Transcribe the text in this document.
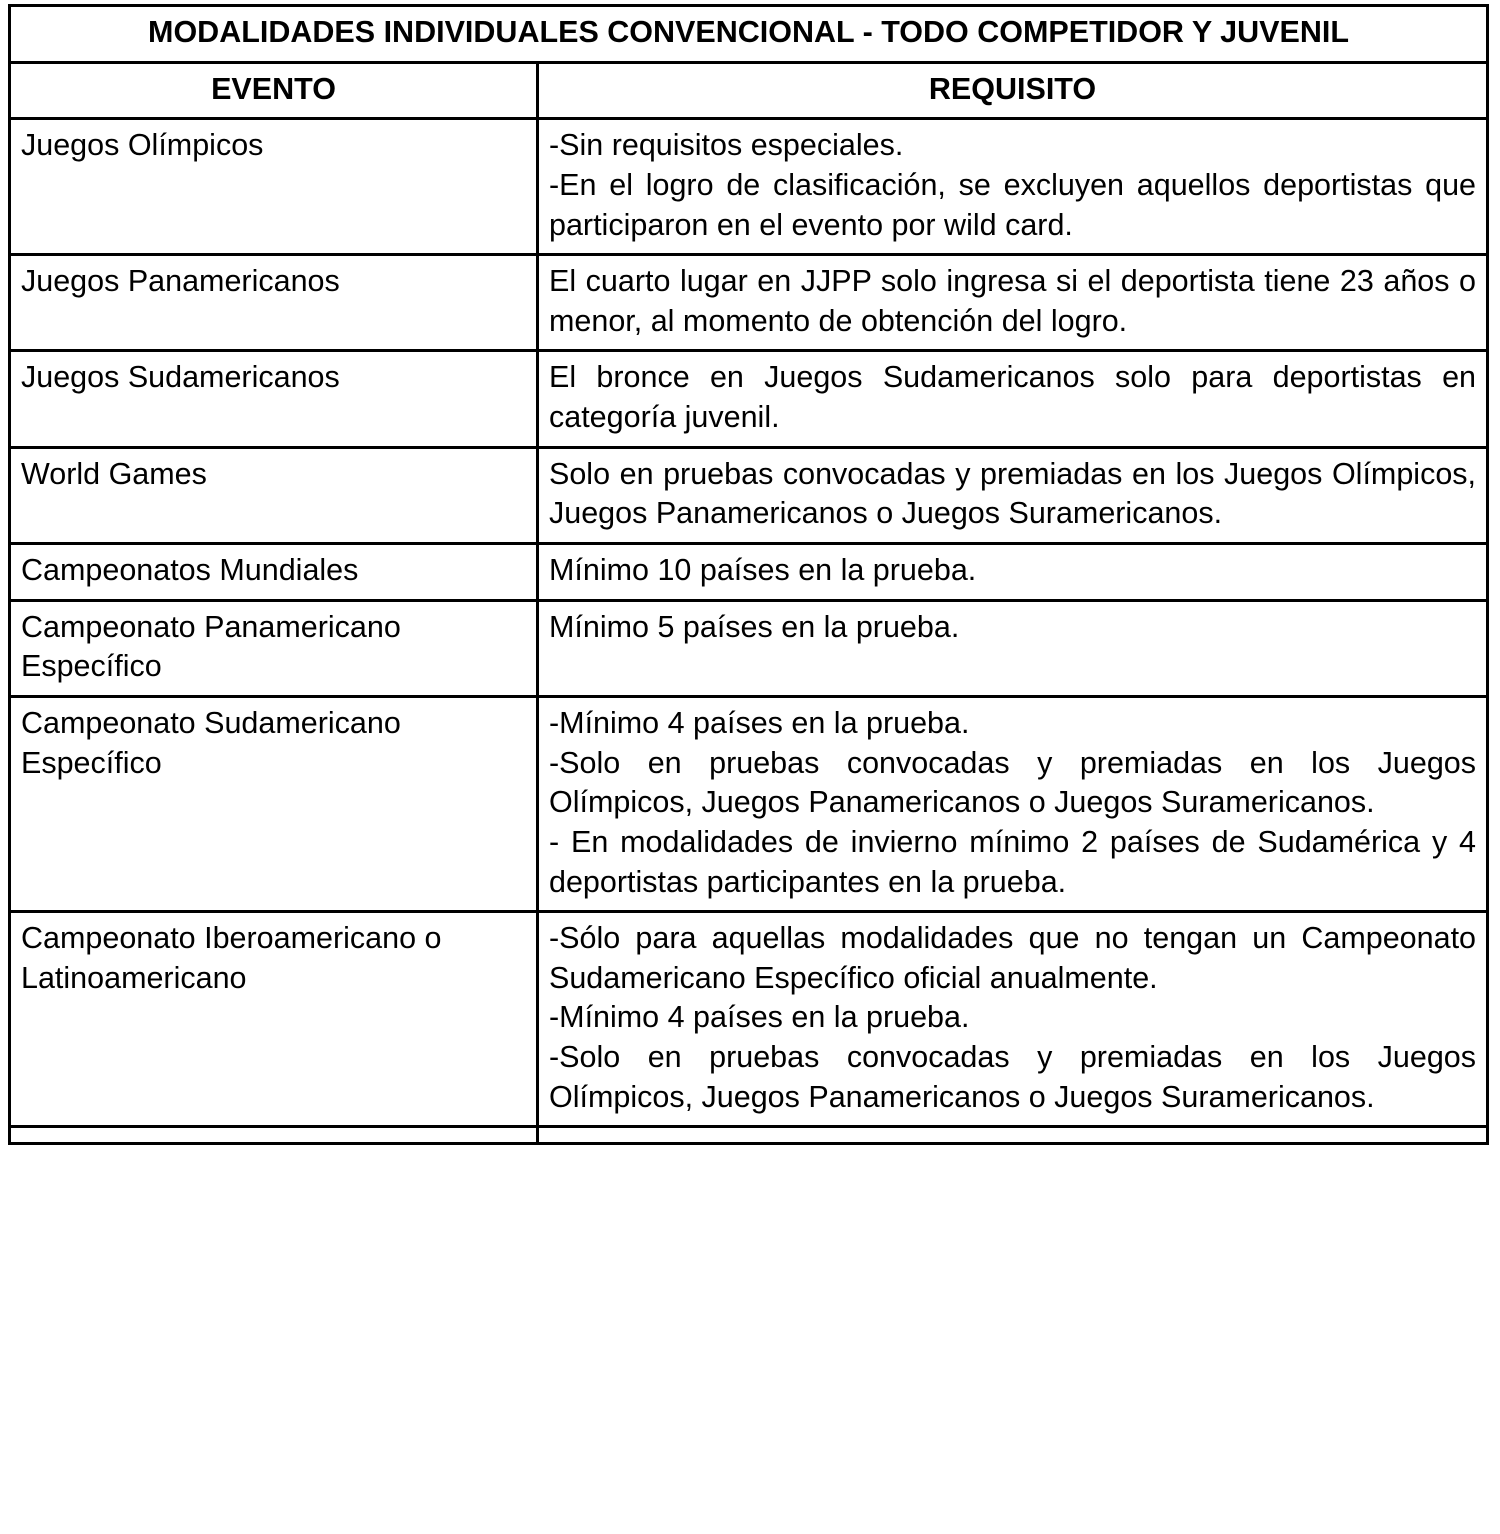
MODALIDADES INDIVIDUALES CONVENCIONAL - TODO COMPETIDOR Y JUVENIL	
EVENTO	REQUISITO
Juegos Olímpicos	-Sin requisitos especiales.

-En el logro de clasificación, se excluyen aquellos deportistas que participaron en el evento por wild card.

Juegos Panamericanos	El cuarto lugar en JJPP solo ingresa si el deportista tiene 23 años o menor, al momento de obtención del logro.

Juegos Sudamericanos	El bronce en Juegos Sudamericanos solo para deportistas en categoría juvenil.

World Games	Solo en pruebas convocadas y premiadas en los Juegos Olímpicos, Juegos Panamericanos o Juegos Suramericanos.

Campeonatos Mundiales	Mínimo 10 países en la prueba.

Campeonato Panamericano Específico	Mínimo 5 países en la prueba.

Campeonato Sudamericano Específico	-Mínimo 4 países en la prueba.

-Solo en pruebas convocadas y premiadas en los Juegos Olímpicos, Juegos Panamericanos o Juegos Suramericanos.

- En modalidades de invierno mínimo 2 países de Sudamérica y 4 deportistas participantes en la prueba.

Campeonato Iberoamericano o Latinoamericano	-Sólo para aquellas modalidades que no tengan un Campeonato Sudamericano Específico oficial anualmente.

-Mínimo 4 países en la prueba.

-Solo en pruebas convocadas y premiadas en los Juegos Olímpicos, Juegos Panamericanos o Juegos Suramericanos.
